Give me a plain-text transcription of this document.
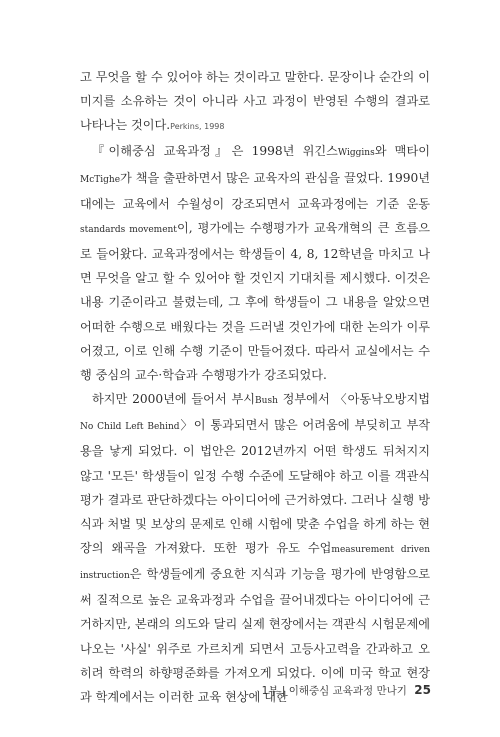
고 무엇을 할 수 있어야 하는 것이라고 말한다. 문장이나 순간의 이미지를 소유하는 것이 아니라 사고 과정이 반영된 수행의 결과로 나타나는 것이다.Perkins, 1998

『이해중심 교육과정』은 1998년 위긴스Wiggins와 맥타이McTighe가 책을 출판하면서 많은 교육자의 관심을 끌었다. 1990년대에는 교육에서 수월성이 강조되면서 교육과정에는 기준 운동standards movement이, 평가에는 수행평가가 교육개혁의 큰 흐름으로 들어왔다. 교육과정에서는 학생들이 4, 8, 12학년을 마치고 나면 무엇을 알고 할 수 있어야 할 것인지 기대치를 제시했다. 이것은 내용 기준이라고 불렸는데, 그 후에 학생들이 그 내용을 알았으면 어떠한 수행으로 배웠다는 것을 드러낼 것인가에 대한 논의가 이루어졌고, 이로 인해 수행 기준이 만들어졌다. 따라서 교실에서는 수행 중심의 교수·학습과 수행평가가 강조되었다.

하지만 2000년에 들어서 부시Bush 정부에서 〈아동낙오방지법No Child Left Behind〉이 통과되면서 많은 어려움에 부딪히고 부작용을 낳게 되었다. 이 법안은 2012년까지 어떤 학생도 뒤처지지 않고 '모든' 학생들이 일정 수행 수준에 도달해야 하고 이를 객관식 평가 결과로 판단하겠다는 아이디어에 근거하였다. 그러나 실행 방식과 처벌 및 보상의 문제로 인해 시험에 맞춘 수업을 하게 하는 현장의 왜곡을 가져왔다. 또한 평가 유도 수업measurement driven instruction은 학생들에게 중요한 지식과 기능을 평가에 반영함으로써 질적으로 높은 교육과정과 수업을 끌어내겠다는 아이디어에 근거하지만, 본래의 의도와 달리 실제 현장에서는 객관식 시험문제에 나오는 '사실' 위주로 가르치게 되면서 고등사고력을 간과하고 오히려 학력의 하향평준화를 가져오게 되었다. 이에 미국 학교 현장과 학계에서는 이러한 교육 현상에 대한

1부 | 이해중심 교육과정 만나기 25
